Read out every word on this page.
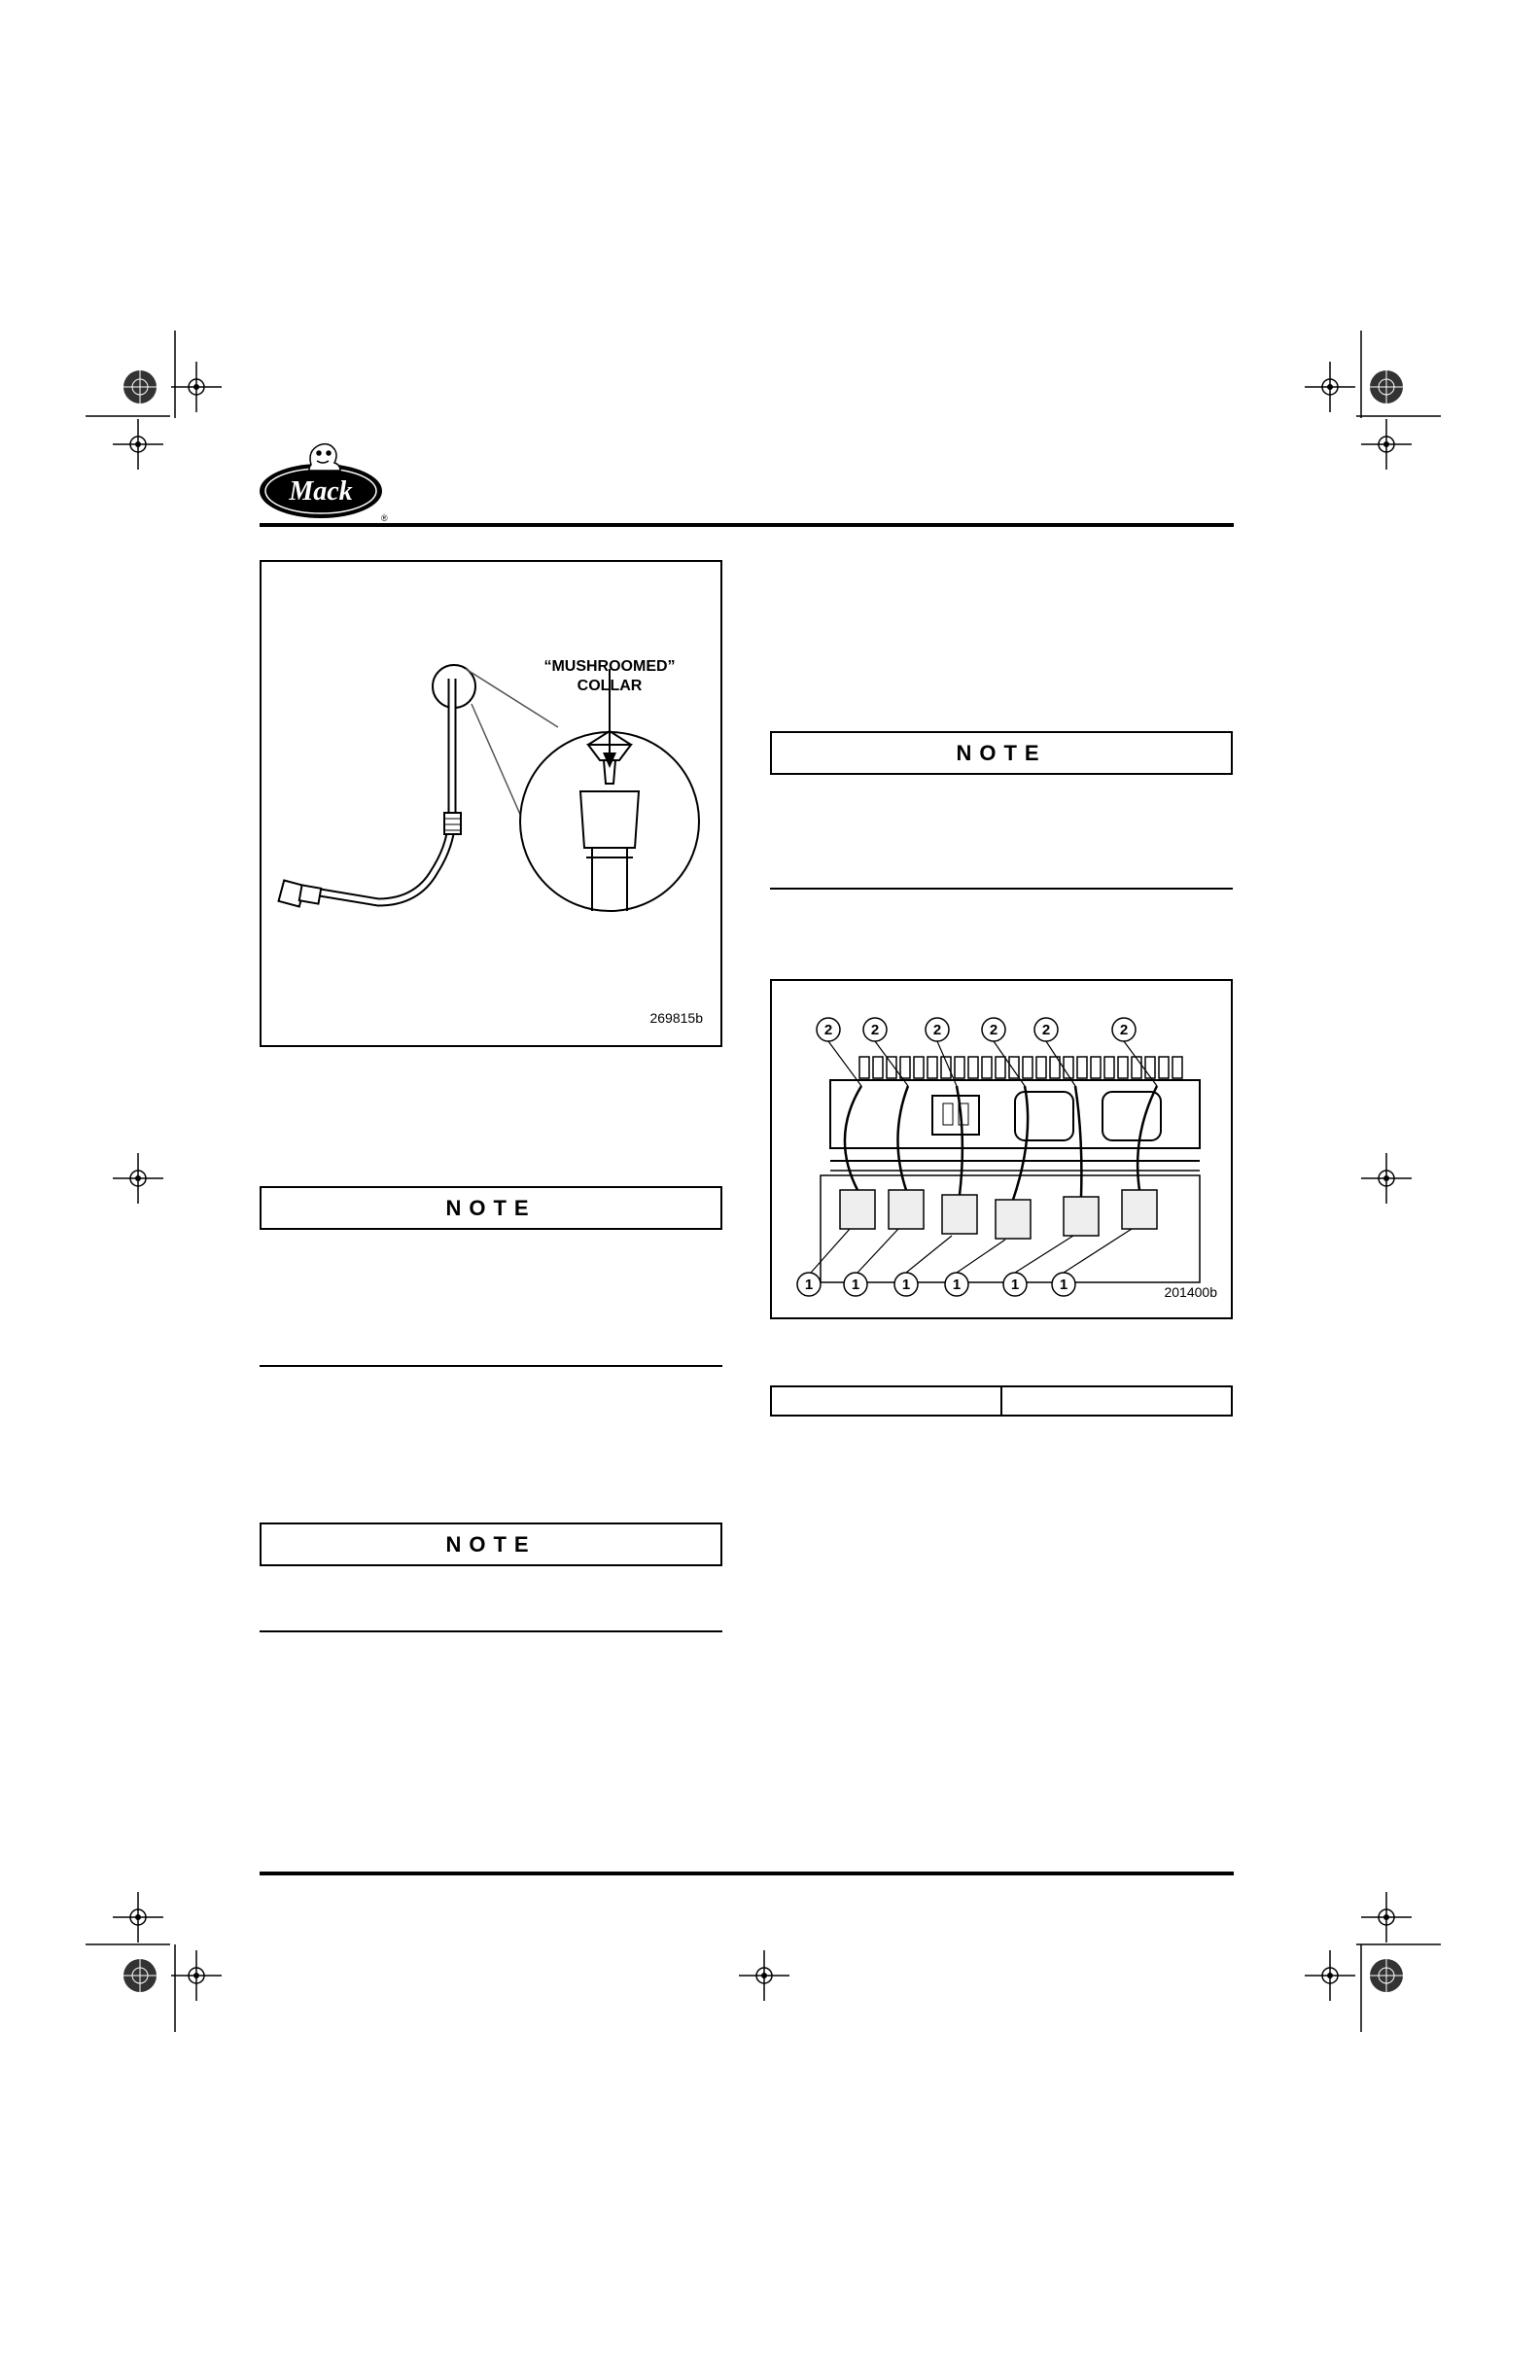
Mack
®
“MUSHROOMED”
COLLAR
269815b
NOTE
2	2	2	2	2	2
1	1	1	1	1	1	201400b
NOTE
NOTE
